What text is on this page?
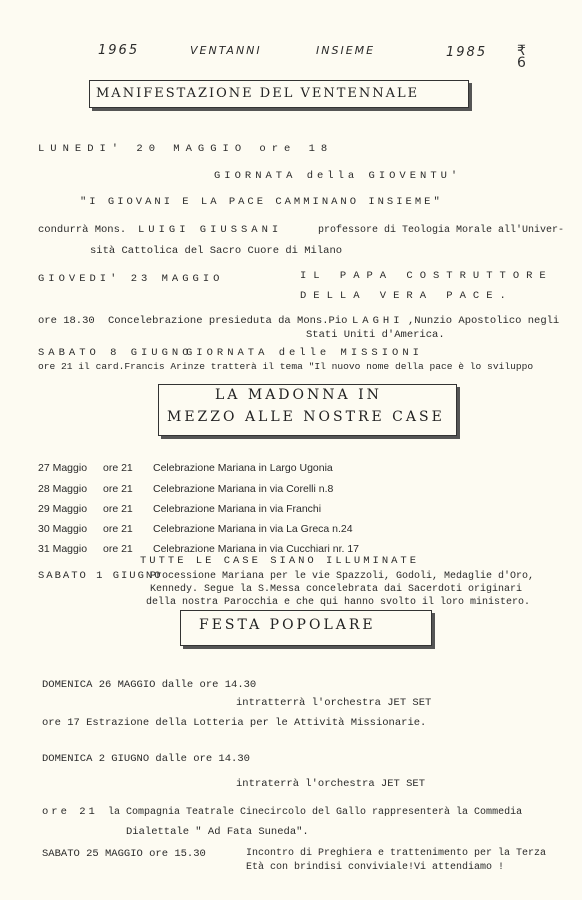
1965	VENTANNI	INSIEME	1985 ₹
6
MANIFESTAZIONE DEL VENTENNALE
LUNEDI' 20 MAGGIO ore 18
GIORNATA della GIOVENTU'
"I GIOVANI E LA PACE CAMMINANO INSIEME"
condurrà Mons. LUIGI GIUSSANI	professore di Teologia Morale all'Univer-
sità Cattolica del Sacro Cuore di Milano
GIOVEDI' 23 MAGGIO	IL PAPA COSTRUTTORE
DELLA VERA PACE.
ore 18.30 Concelebrazione presieduta da Mons.Pio LAGHI ,Nunzio Apostolico negli
Stati Uniti d'America.
SABATO 8 GIUGNO
GIORNATA delle MISSIONI
ore 21 il card.Francis Arinze tratterà il tema "Il nuovo nome della pace è lo sviluppo
LA MADONNA IN
MEZZO ALLE NOSTRE CASE
27 Maggio ore 21 Celebrazione Mariana in Largo Ugonia
28 Maggio ore 21 Celebrazione Mariana in via Corelli n.8
29 Maggio ore 21 Celebrazione Mariana in via Franchi
30 Maggio ore 21 Celebrazione Mariana in via La Greca n.24
31 Maggio ore 21 Celebrazione Mariana in via Cucchiari nr. 17
TUTTE LE CASE SIANO ILLUMINATE
SABATO 1 GIUGNO
Processione Mariana per le vie Spazzoli, Godoli, Medaglie d'Oro,
Kennedy. Segue la S.Messa concelebrata dai Sacerdoti originari
della nostra Parocchia e che qui hanno svolto il loro ministero.
FESTA POPOLARE
DOMENICA 26 MAGGIO dalle ore 14.30
intratterrà l'orchestra JET SET
ore 17 Estrazione della Lotteria per le Attività Missionarie.
DOMENICA 2 GIUGNO dalle ore 14.30
intraterrà l'orchestra JET SET
ore 21 la Compagnia Teatrale Cinecircolo del Gallo rappresenterà la Commedia
Dialettale " Ad Fata Suneda".
SABATO 25 MAGGIO ore 15.30	Incontro di Preghiera e trattenimento per la Terza
Età con brindisi conviviale!Vi attendiamo !
